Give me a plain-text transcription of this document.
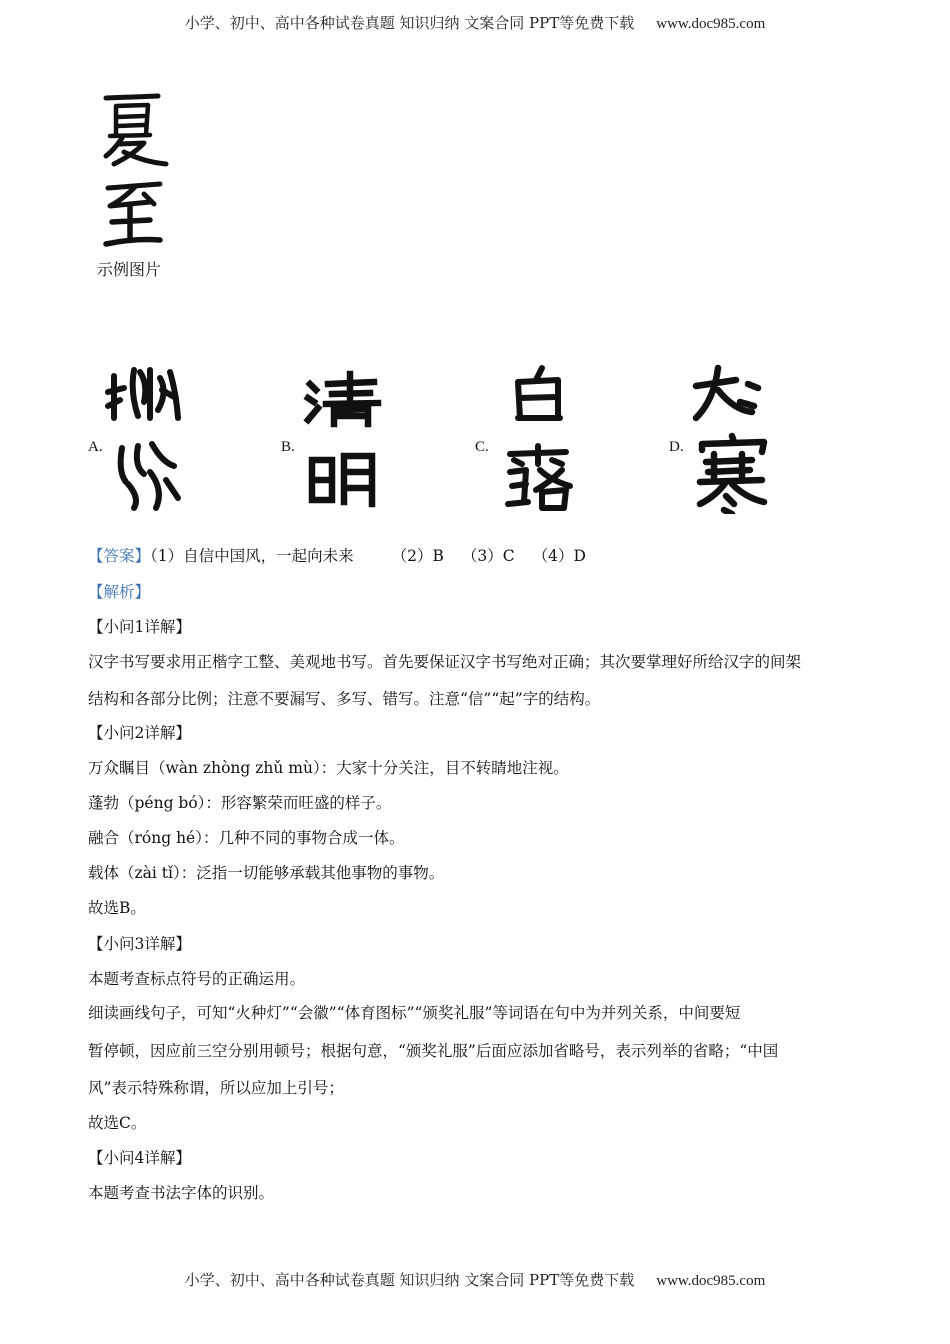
小学、初中、高中各种试卷真题 知识归纳 文案合同 PPT等免费下载 www.doc985.com
示例图片
A.	B.	C.	D.
【答案】（1）自信中国风，一起向未来 （2）B （3）C （4）D
【解析】
【小问1详解】
汉字书写要求用正楷字工整、美观地书写。首先要保证汉字书写绝对正确；其次要掌理好所给汉字的间架
结构和各部分比例；注意不要漏写、多写、错写。注意“信”“起”字的结构。
【小问2详解】
万众瞩目（wàn zhòng zhǔ mù）：大家十分关注，目不转睛地注视。
蓬勃（péng bó）：形容繁荣而旺盛的样子。
融合（róng hé）：几种不同的事物合成一体。
载体（zài tǐ）：泛指一切能够承载其他事物的事物。
故选B。
【小问3详解】
本题考查标点符号的正确运用。
细读画线句子，可知“火种灯”“会徽”“体育图标”“颁奖礼服”等词语在句中为并列关系，中间要短
暂停顿，因应前三空分别用顿号；根据句意，“颁奖礼服”后面应添加省略号，表示列举的省略；“中国
风”表示特殊称谓，所以应加上引号；
故选C。
【小问4详解】
本题考查书法字体的识别。
小学、初中、高中各种试卷真题 知识归纳 文案合同 PPT等免费下载 www.doc985.com
